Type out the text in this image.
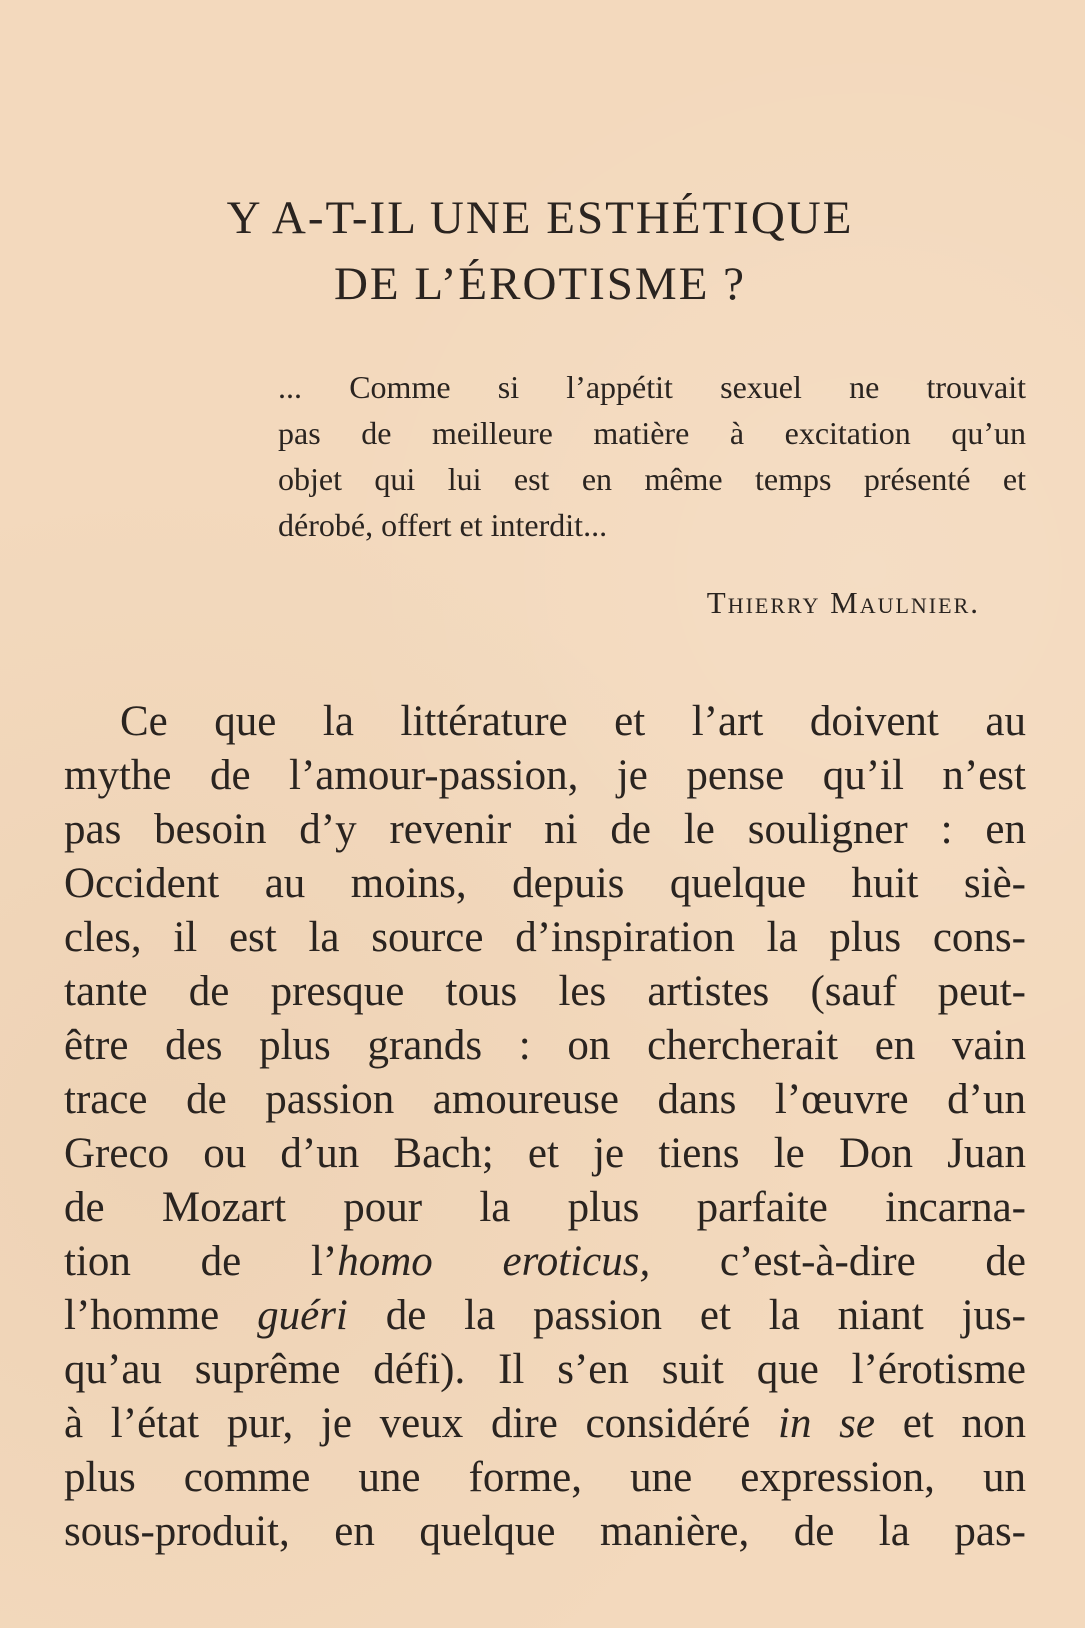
Y A-T-IL UNE ESTHÉTIQUE
DE L’ÉROTISME ?
... Comme si l’appétit sexuel ne trouvait
pas de meilleure matière à excitation qu’un
objet qui lui est en même temps présenté et
dérobé, offert et interdit...
Thierry Maulnier.
Ce que la littérature et l’art doivent au
mythe de l’amour-passion, je pense qu’il n’est
pas besoin d’y revenir ni de le souligner : en
Occident au moins, depuis quelque huit siè-
cles, il est la source d’inspiration la plus cons-
tante de presque tous les artistes (sauf peut-
être des plus grands : on chercherait en vain
trace de passion amoureuse dans l’œuvre d’un
Greco ou d’un Bach; et je tiens le Don Juan
de Mozart pour la plus parfaite incarna-
tion de l’homo eroticus, c’est-à-dire de
l’homme guéri de la passion et la niant jus-
qu’au suprême défi). Il s’en suit que l’érotisme
à l’état pur, je veux dire considéré in se et non
plus comme une forme, une expression, un
sous-produit, en quelque manière, de la pas-
